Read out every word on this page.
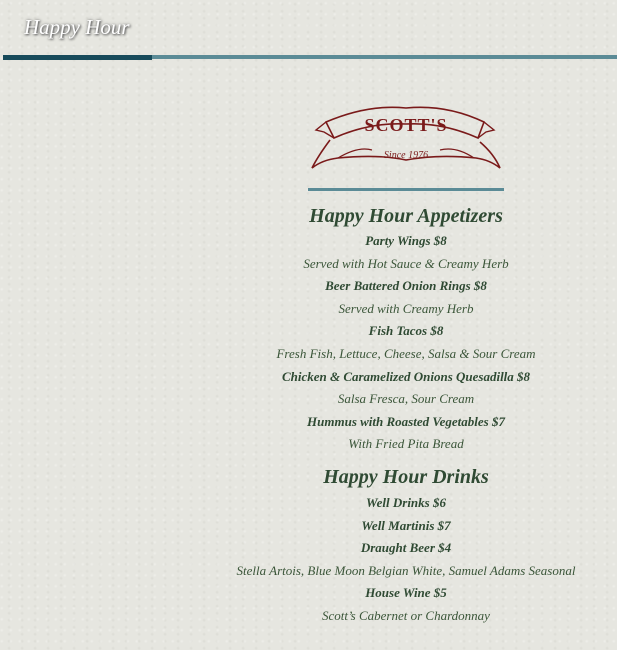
Happy Hour
SCOTT'S
Since 1976
Happy Hour Appetizers
Party Wings $8
Served with Hot Sauce & Creamy Herb
Beer Battered Onion Rings $8
Served with Creamy Herb
Fish Tacos $8
Fresh Fish, Lettuce, Cheese, Salsa & Sour Cream
Chicken & Caramelized Onions Quesadilla $8
Salsa Fresca, Sour Cream
Hummus with Roasted Vegetables $7
With Fried Pita Bread
Happy Hour Drinks
Well Drinks $6
Well Martinis $7
Draught Beer $4
Stella Artois, Blue Moon Belgian White, Samuel Adams Seasonal
House Wine $5
Scott’s Cabernet or Chardonnay
